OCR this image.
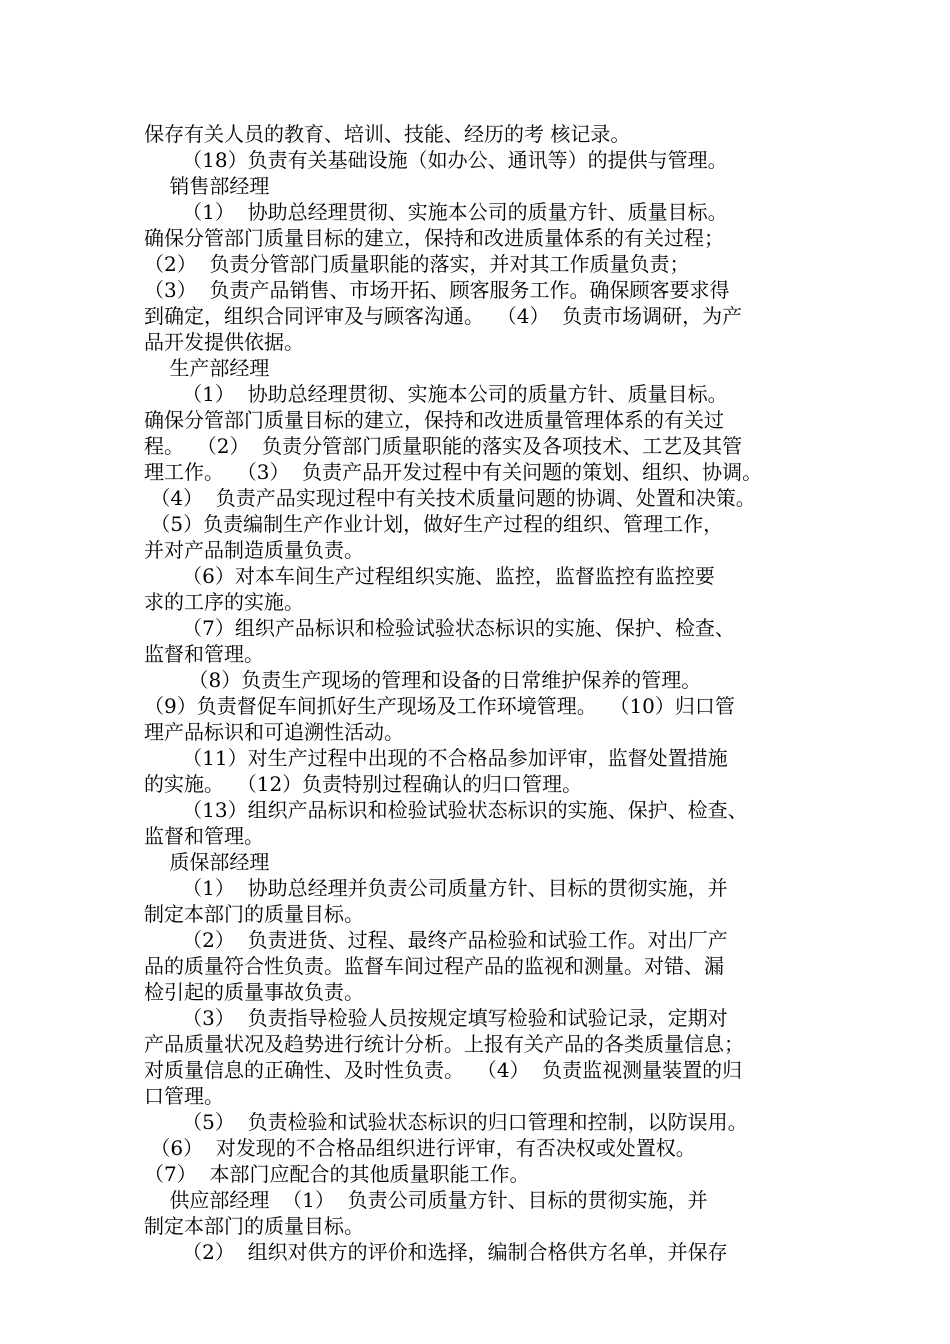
保存有关人员的教育、培训、技能、经历的考 核记录。
（18）负责有关基础设施（如办公、通讯等）的提供与管理。
销售部经理
（1）  协助总经理贯彻、实施本公司的质量方针、质量目标。
确保分管部门质量目标的建立，保持和改进质量体系的有关过程；
（2）  负责分管部门质量职能的落实，并对其工作质量负责；
（3）  负责产品销售、市场开拓、顾客服务工作。确保顾客要求得
到确定，组织合同评审及与顾客沟通。  （4）  负责市场调研，为产
品开发提供依据。
生产部经理
（1）  协助总经理贯彻、实施本公司的质量方针、质量目标。
确保分管部门质量目标的建立，保持和改进质量管理体系的有关过
程。  （2）  负责分管部门质量职能的落实及各项技术、工艺及其管
理工作。  （3）  负责产品开发过程中有关问题的策划、组织、协调。
（4）  负责产品实现过程中有关技术质量问题的协调、处置和决策。
（5）负责编制生产作业计划，做好生产过程的组织、管理工作，
并对产品制造质量负责。
（6）对本车间生产过程组织实施、监控，监督监控有监控要
求的工序的实施。
（7）组织产品标识和检验试验状态标识的实施、保护、检查、
监督和管理。
（8）负责生产现场的管理和设备的日常维护保养的管理。
（9）负责督促车间抓好生产现场及工作环境管理。  （10）归口管
理产品标识和可追溯性活动。
（11）对生产过程中出现的不合格品参加评审，监督处置措施
的实施。  （12）负责特别过程确认的归口管理。
（13）组织产品标识和检验试验状态标识的实施、保护、检查、
监督和管理。
质保部经理
（1）  协助总经理并负责公司质量方针、目标的贯彻实施，并
制定本部门的质量目标。
（2）  负责进货、过程、最终产品检验和试验工作。对出厂产
品的质量符合性负责。监督车间过程产品的监视和测量。对错、漏
检引起的质量事故负责。
（3）  负责指导检验人员按规定填写检验和试验记录，定期对
产品质量状况及趋势进行统计分析。上报有关产品的各类质量信息；
对质量信息的正确性、及时性负责。  （4）  负责监视测量装置的归
口管理。
（5）  负责检验和试验状态标识的归口管理和控制，以防误用。
（6）  对发现的不合格品组织进行评审，有否决权或处置权。
（7）  本部门应配合的其他质量职能工作。
供应部经理  （1）  负责公司质量方针、目标的贯彻实施，并
制定本部门的质量目标。
（2）  组织对供方的评价和选择，编制合格供方名单，并保存
